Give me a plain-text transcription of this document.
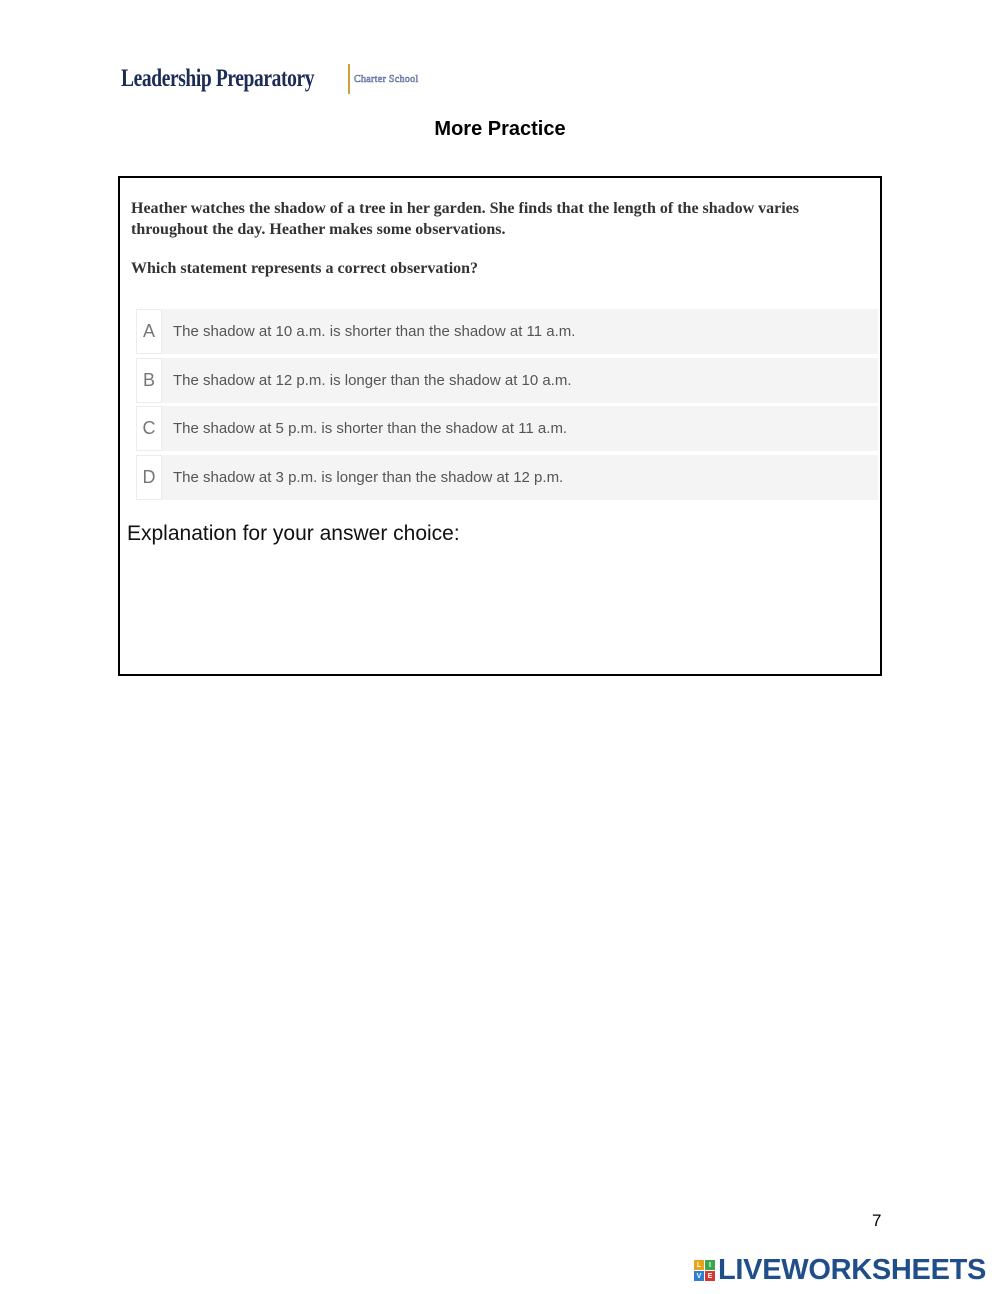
Leadership Preparatory	Charter School
More Practice
Heather watches the shadow of a tree in her garden. She finds that the length of the shadow varies throughout the day. Heather makes some observations.
Which statement represents a correct observation?
A	The shadow at 10 a.m. is shorter than the shadow at 11 a.m.
B	The shadow at 12 p.m. is longer than the shadow at 10 a.m.
C	The shadow at 5 p.m. is shorter than the shadow at 11 a.m.
D	The shadow at 3 p.m. is longer than the shadow at 12 p.m.
Explanation for your answer choice:
7
L	I
V E LIVEWORKSHEETS
